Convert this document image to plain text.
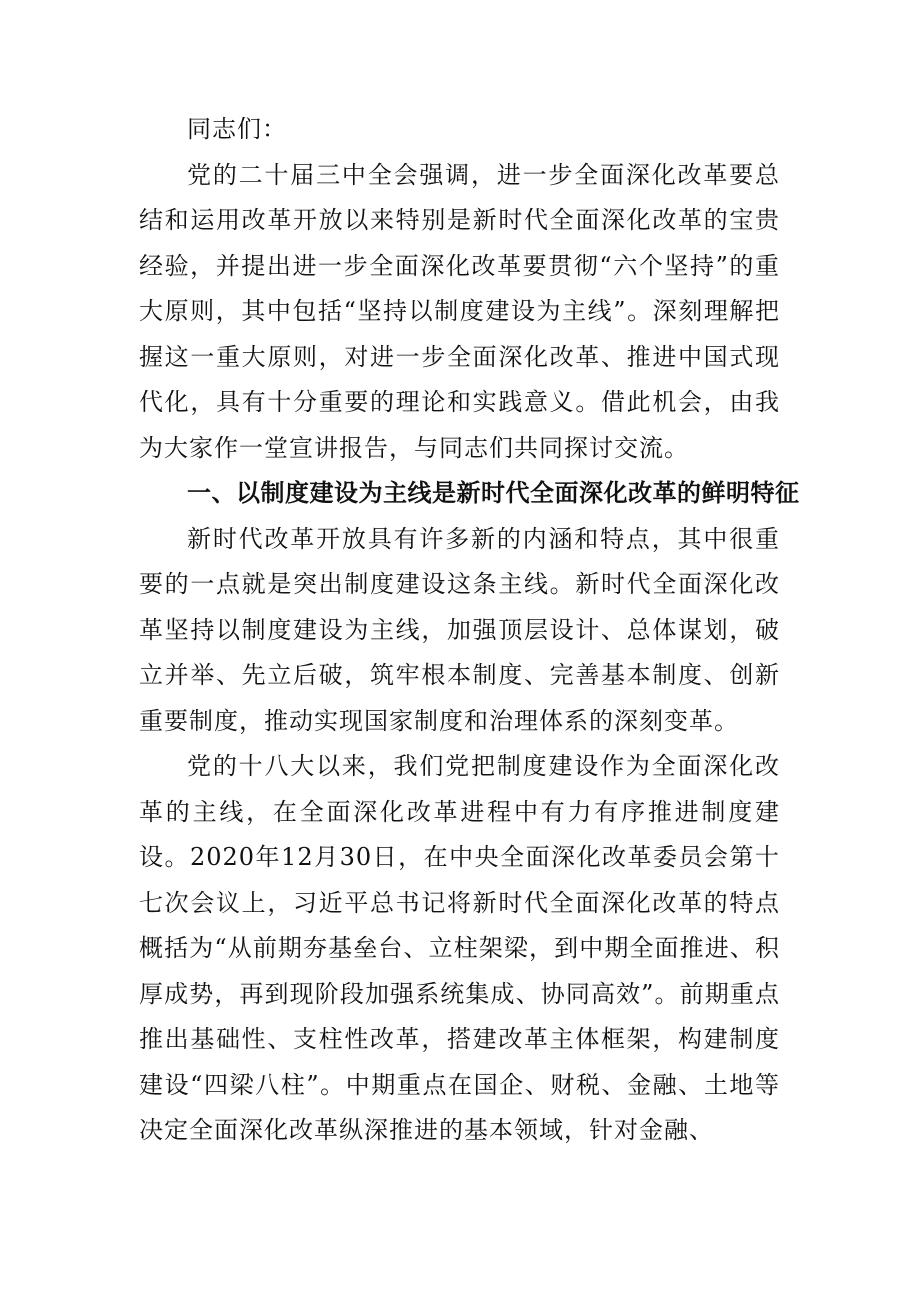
同志们：

党的二十届三中全会强调，进一步全面深化改革要总结和运用改革开放以来特别是新时代全面深化改革的宝贵经验，并提出进一步全面深化改革要贯彻“六个坚持”的重大原则，其中包括“坚持以制度建设为主线”。深刻理解把握这一重大原则，对进一步全面深化改革、推进中国式现代化，具有十分重要的理论和实践意义。借此机会，由我为大家作一堂宣讲报告，与同志们共同探讨交流。

一、以制度建设为主线是新时代全面深化改革的鲜明特征

新时代改革开放具有许多新的内涵和特点，其中很重要的一点就是突出制度建设这条主线。新时代全面深化改革坚持以制度建设为主线，加强顶层设计、总体谋划，破立并举、先立后破，筑牢根本制度、完善基本制度、创新重要制度，推动实现国家制度和治理体系的深刻变革。

党的十八大以来，我们党把制度建设作为全面深化改革的主线，在全面深化改革进程中有力有序推进制度建设。2020年12月30日，在中央全面深化改革委员会第十七次会议上，习近平总书记将新时代全面深化改革的特点概括为“从前期夯基垒台、立柱架梁，到中期全面推进、积厚成势，再到现阶段加强系统集成、协同高效”。前期重点推出基础性、支柱性改革，搭建改革主体框架，构建制度建设“四梁八柱”。中期重点在国企、财税、金融、土地等决定全面深化改革纵深推进的基本领域，针对金融、
